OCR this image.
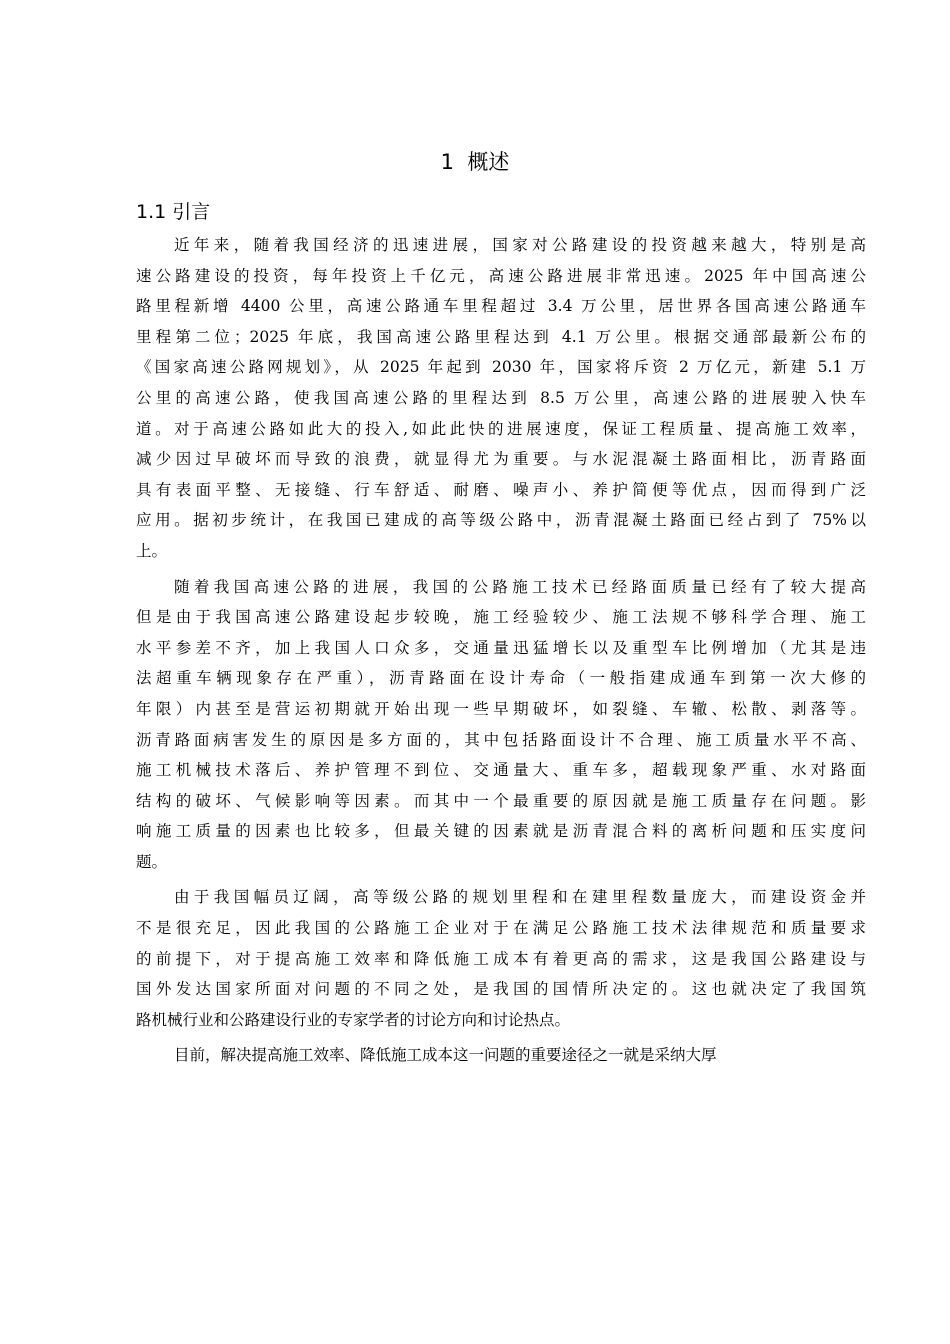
1  概述
1.1 引言
近年来，随着我国经济的迅速进展，国家对公路建设的投资越来越大，特别是高
速公路建设的投资，每年投资上千亿元，高速公路进展非常迅速。2025 年中国高速公
路里程新增 4400 公里，高速公路通车里程超过 3.4 万公里，居世界各国高速公路通车
里程第二位；2025 年底，我国高速公路里程达到 4.1 万公里。根据交通部最新公布的
《国家高速公路网规划》，从 2025 年起到 2030 年，国家将斥资 2 万亿元，新建 5.1 万
公里的高速公路，使我国高速公路的里程达到 8.5 万公里，高速公路的进展驶入快车
道。对于高速公路如此大的投入,如此此快的进展速度，保证工程质量、提高施工效率，
减少因过早破坏而导致的浪费，就显得尤为重要。与水泥混凝土路面相比，沥青路面
具有表面平整、无接缝、行车舒适、耐磨、噪声小、养护简便等优点，因而得到广泛
应用。据初步统计，在我国已建成的高等级公路中，沥青混凝土路面已经占到了 75%以
上。
随着我国高速公路的进展，我国的公路施工技术已经路面质量已经有了较大提高
但是由于我国高速公路建设起步较晚，施工经验较少、施工法规不够科学合理、施工
水平参差不齐，加上我国人口众多，交通量迅猛增长以及重型车比例增加（尤其是违
法超重车辆现象存在严重），沥青路面在设计寿命（一般指建成通车到第一次大修的
年限）内甚至是营运初期就开始出现一些早期破坏，如裂缝、车辙、松散、剥落等。
沥青路面病害发生的原因是多方面的，其中包括路面设计不合理、施工质量水平不高、
施工机械技术落后、养护管理不到位、交通量大、重车多，超载现象严重、水对路面
结构的破坏、气候影响等因素。而其中一个最重要的原因就是施工质量存在问题。影
响施工质量的因素也比较多，但最关键的因素就是沥青混合料的离析问题和压实度问
题。
由于我国幅员辽阔，高等级公路的规划里程和在建里程数量庞大，而建设资金并
不是很充足，因此我国的公路施工企业对于在满足公路施工技术法律规范和质量要求
的前提下，对于提高施工效率和降低施工成本有着更高的需求，这是我国公路建设与
国外发达国家所面对问题的不同之处，是我国的国情所决定的。这也就决定了我国筑
路机械行业和公路建设行业的专家学者的讨论方向和讨论热点。
目前，解决提高施工效率、降低施工成本这一问题的重要途径之一就是采纳大厚
